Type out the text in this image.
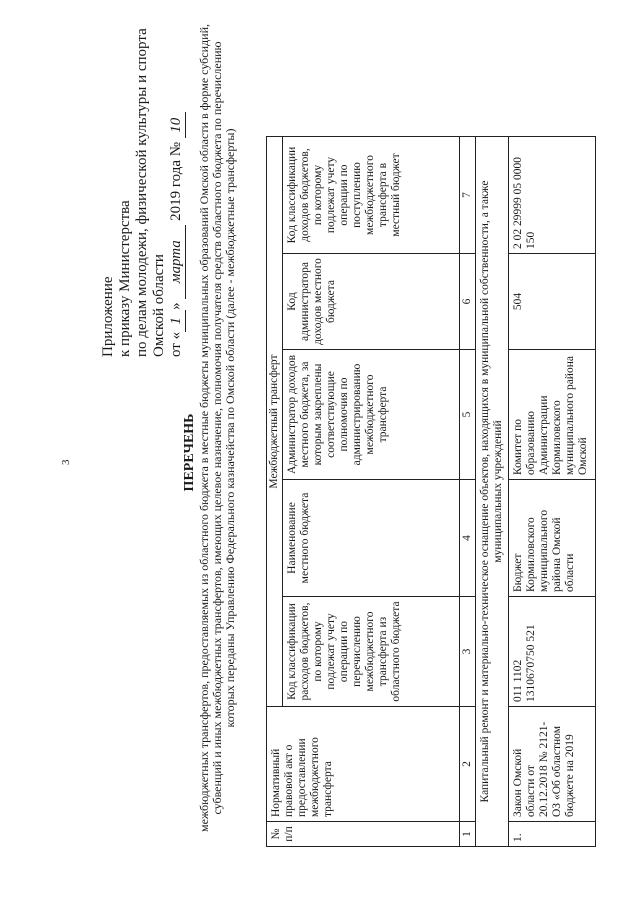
3
Приложение к приказу Министерства по делам молодежи, физической культуры и спорта Омской области от «1» марта 2019 года № 10
ПЕРЕЧЕНЬ межбюджетных трансфертов, предоставляемых из областного бюджета в местные бюджеты муниципальных образований Омской области в форме субсидий, субвенций и иных межбюджетных трансфертов, имеющих целевое назначение, полномочия получателя средств областного бюджета по перечислению которых переданы Управлению Федерального казначейства по Омской области (далее - межбюджетные трансферты)
№ п/п	Нормативный правовой акт о предоставлении межбюджетного трансферта	Межбюджетный трансферт				
		Код классификации расходов бюджетов, по которому подлежат учету операции по перечислению межбюджетного трансферта из областного бюджета	Наименование местного бюджета	Администратор доходов местного бюджета, за которым закреплены соответствующие полномочия по администрированию межбюджетного трансферта	Код администратора доходов местного бюджета	Код классификации доходов бюджетов, по которому подлежат учету операции по поступлению межбюджетного трансферта в местный бюджет
1	2	3	4	5	6	7
Капитальный ремонт и материально-техническое оснащение объектов, находящихся в муниципальной собственности, а также муниципальных учреждений						
1.	Закон Омской области от 20.12.2018 № 2121-ОЗ «Об областном бюджете на 2019	011 1102 1310670750 521	Бюджет Кормиловского муниципального района Омской области	Комитет по образованию Администрации Кормиловского муниципального района Омской	504	2 02 29999 05 0000 150
